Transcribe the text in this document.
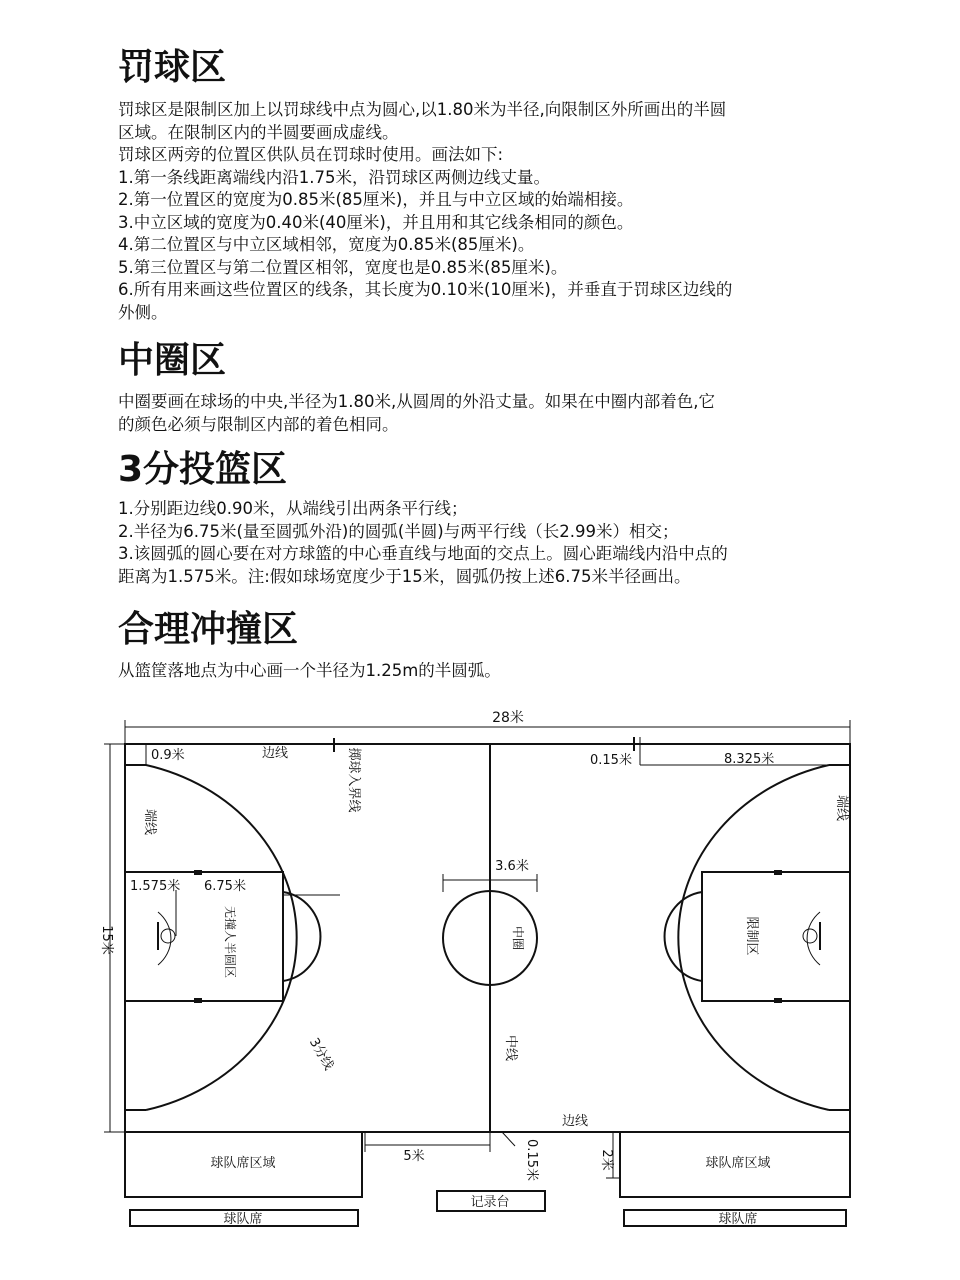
罚球区

罚球区是限制区加上以罚球线中点为圆心,以1.80米为半径,向限制区外所画出的半圆

区域。在限制区内的半圆要画成虚线。

罚球区两旁的位置区供队员在罚球时使用。画法如下:

1.第一条线距离端线内沿1.75米，沿罚球区两侧边线丈量。

2.第一位置区的宽度为0.85米(85厘米)，并且与中立区域的始端相接。

3.中立区域的宽度为0.40米(40厘米)，并且用和其它线条相同的颜色。

4.第二位置区与中立区域相邻，宽度为0.85米(85厘米)。

5.第三位置区与第二位置区相邻，宽度也是0.85米(85厘米)。

6.所有用来画这些位置区的线条，其长度为0.10米(10厘米)，并垂直于罚球区边线的

外侧。

中圈区

中圈要画在球场的中央,半径为1.80米,从圆周的外沿丈量。如果在中圈内部着色,它

的颜色必须与限制区内部的着色相同。

3分投篮区

1.分别距边线0.90米，从端线引出两条平行线；

2.半径为6.75米(量至圆弧外沿)的圆弧(半圆)与两平行线（长2.99米）相交；

3.该圆弧的圆心要在对方球篮的中心垂直线与地面的交点上。圆心距端线内沿中点的

距离为1.575米。注:假如球场宽度少于15米，圆弧仍按上述6.75米半径画出。

合理冲撞区

从篮筐落地点为中心画一个半径为1.25m的半圆弧。

28米
15米
3.6米
中圈
中线
0.9米	边线	掷球入界线
端线
1.575米 6.75米
无撞人半圆区
3分线
0.15米	8.325米
端线
限制区
边线
5米	0.15米	2米
球队席区域	球队席区域
记录台
球队席	球队席
